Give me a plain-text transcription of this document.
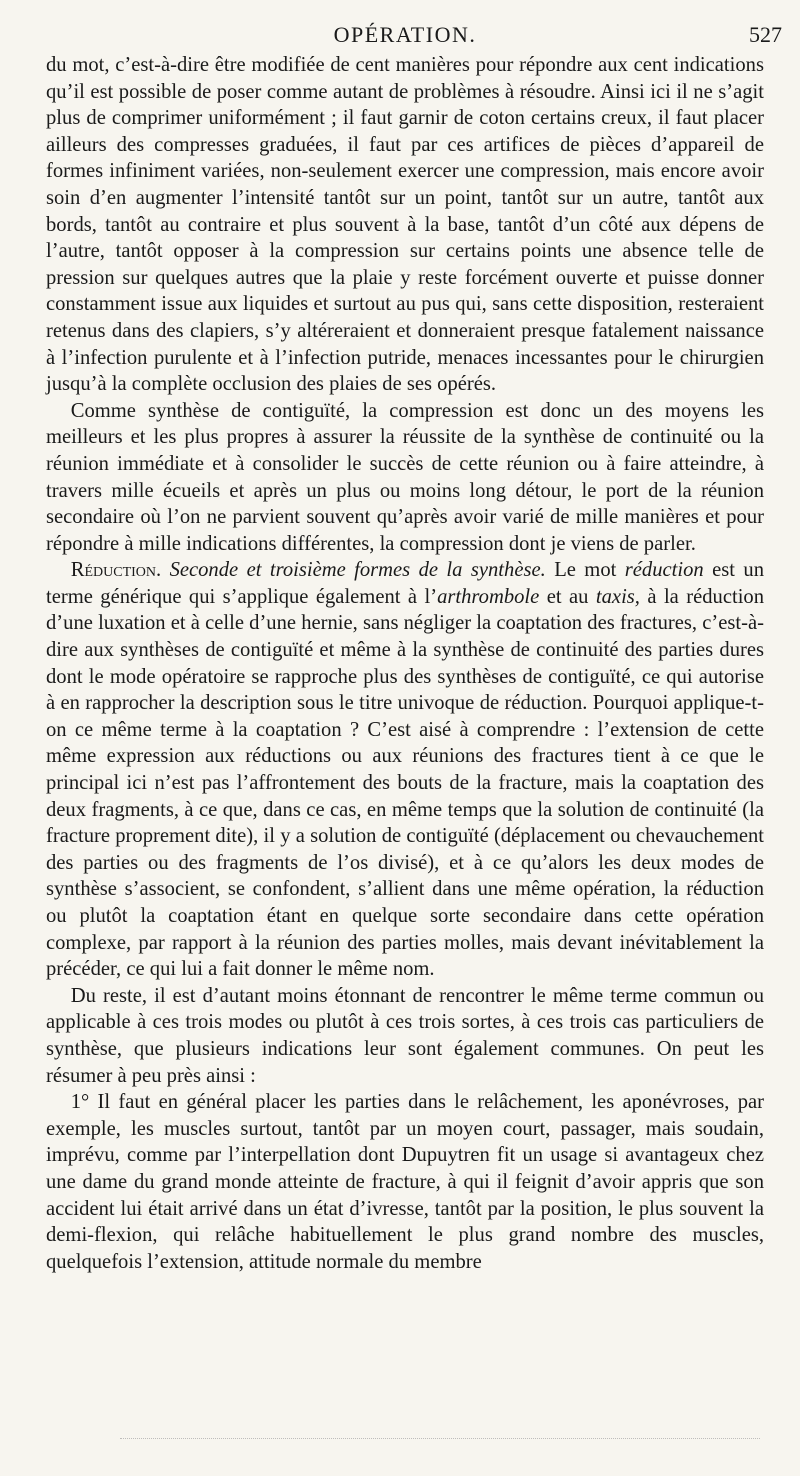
OPÉRATION.	527

du mot, c’est-à-dire être modifiée de cent manières pour répondre aux cent indications qu’il est possible de poser comme autant de problèmes à résoudre. Ainsi ici il ne s’agit plus de comprimer uniformément ; il faut garnir de coton certains creux, il faut placer ailleurs des compresses graduées, il faut par ces artifices de pièces d’appareil de formes infiniment variées, non-seulement exercer une compression, mais encore avoir soin d’en augmenter l’intensité tantôt sur un point, tantôt sur un autre, tantôt aux bords, tantôt au contraire et plus souvent à la base, tantôt d’un côté aux dépens de l’autre, tantôt opposer à la compression sur certains points une absence telle de pression sur quelques autres que la plaie y reste forcément ouverte et puisse donner constamment issue aux liquides et surtout au pus qui, sans cette disposition, resteraient retenus dans des clapiers, s’y altéreraient et donneraient presque fatalement naissance à l’infection purulente et à l’infection putride, menaces incessantes pour le chirurgien jusqu’à la complète occlusion des plaies de ses opérés.

Comme synthèse de contiguïté, la compression est donc un des moyens les meilleurs et les plus propres à assurer la réussite de la synthèse de continuité ou la réunion immédiate et à consolider le succès de cette réunion ou à faire atteindre, à travers mille écueils et après un plus ou moins long détour, le port de la réunion secondaire où l’on ne parvient souvent qu’après avoir varié de mille manières et pour répondre à mille indications différentes, la compression dont je viens de parler.

Réduction. Seconde et troisième formes de la synthèse. Le mot réduction est un terme générique qui s’applique également à l’arthrombole et au taxis, à la réduction d’une luxation et à celle d’une hernie, sans négliger la coaptation des fractures, c’est-à-dire aux synthèses de contiguïté et même à la synthèse de continuité des parties dures dont le mode opératoire se rapproche plus des synthèses de contiguïté, ce qui autorise à en rapprocher la description sous le titre univoque de réduction. Pourquoi applique-t-on ce même terme à la coaptation ? C’est aisé à comprendre : l’extension de cette même expression aux réductions ou aux réunions des fractures tient à ce que le principal ici n’est pas l’affrontement des bouts de la fracture, mais la coaptation des deux fragments, à ce que, dans ce cas, en même temps que la solution de continuité (la fracture proprement dite), il y a solution de contiguïté (déplacement ou chevauchement des parties ou des fragments de l’os divisé), et à ce qu’alors les deux modes de synthèse s’associent, se confondent, s’allient dans une même opération, la réduction ou plutôt la coaptation étant en quelque sorte secondaire dans cette opération complexe, par rapport à la réunion des parties molles, mais devant inévitablement la précéder, ce qui lui a fait donner le même nom.

Du reste, il est d’autant moins étonnant de rencontrer le même terme commun ou applicable à ces trois modes ou plutôt à ces trois sortes, à ces trois cas particuliers de synthèse, que plusieurs indications leur sont également communes. On peut les résumer à peu près ainsi :

1° Il faut en général placer les parties dans le relâchement, les aponévroses, par exemple, les muscles surtout, tantôt par un moyen court, passager, mais soudain, imprévu, comme par l’interpellation dont Dupuytren fit un usage si avantageux chez une dame du grand monde atteinte de fracture, à qui il feignit d’avoir appris que son accident lui était arrivé dans un état d’ivresse, tantôt par la position, le plus souvent la demi-flexion, qui relâche habituellement le plus grand nombre des muscles, quelquefois l’extension, attitude normale du membre
